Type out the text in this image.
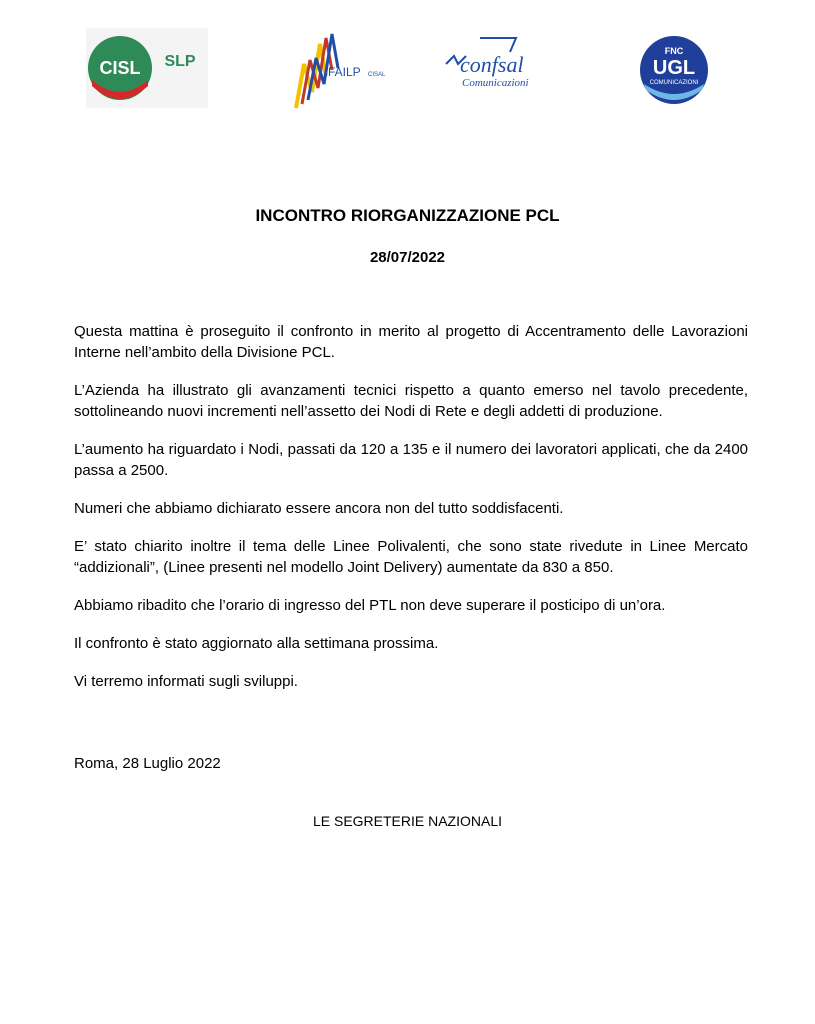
CISL SLP
FAILP CISAL	confsal
Comunicazioni
FNC
UGL
COMUNICAZIONI
INCONTRO RIORGANIZZAZIONE PCL
28/07/2022

Questa mattina è proseguito il confronto in merito al progetto di Accentramento delle Lavorazioni Interne nell’ambito della Divisione PCL.

L’Azienda ha illustrato gli avanzamenti tecnici rispetto a quanto emerso nel tavolo precedente, sottolineando nuovi incrementi nell’assetto dei Nodi di Rete e degli addetti di produzione.

L’aumento ha riguardato i Nodi, passati da 120 a 135 e il numero dei lavoratori applicati, che da 2400 passa a 2500.

Numeri che abbiamo dichiarato essere ancora non del tutto soddisfacenti.

E’ stato chiarito inoltre il tema delle Linee Polivalenti, che sono state rivedute in Linee Mercato “addizionali”, (Linee presenti nel modello Joint Delivery) aumentate da 830 a 850.

Abbiamo ribadito che l’orario di ingresso del PTL non deve superare il posticipo di un’ora.

Il confronto è stato aggiornato alla settimana prossima.

Vi terremo informati sugli sviluppi.

Roma, 28 Luglio 2022
LE SEGRETERIE NAZIONALI
